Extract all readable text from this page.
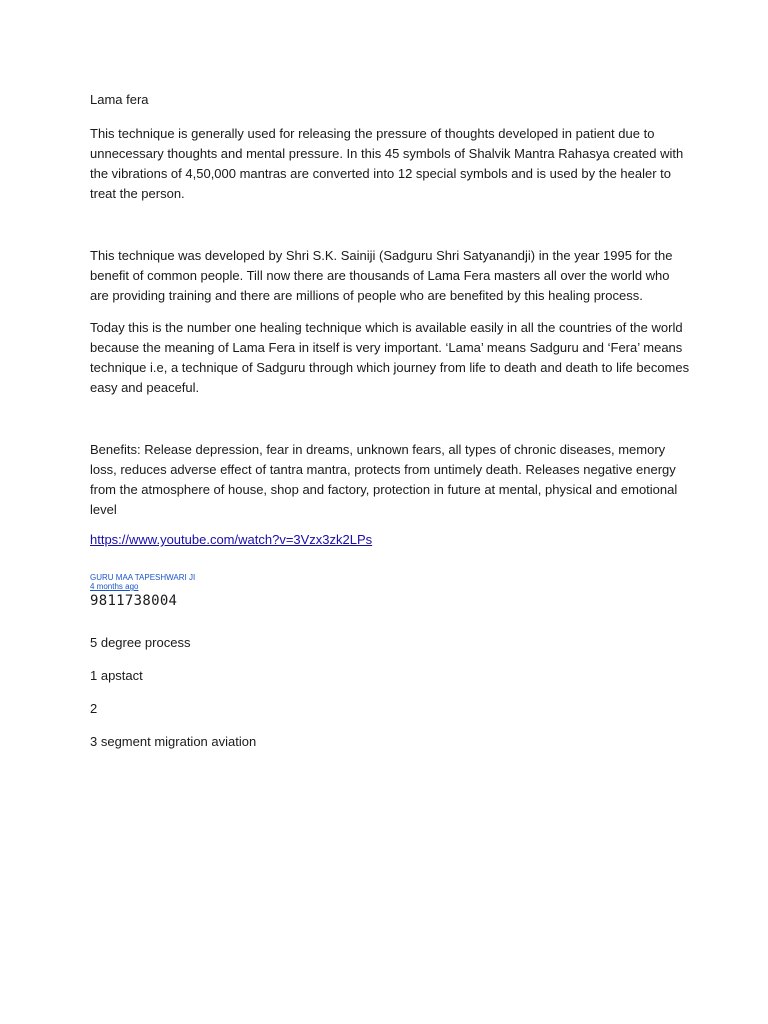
Lama fera

This technique is generally used for releasing the pressure of thoughts developed in patient due to unnecessary thoughts and mental pressure. In this 45 symbols of Shalvik Mantra Rahasya created with the vibrations of 4,50,000 mantras are converted into 12 special symbols and is used by the healer to treat the person.

This technique was developed by Shri S.K. Sainiji (Sadguru Shri Satyanandji) in the year 1995 for the benefit of common people. Till now there are thousands of Lama Fera masters all over the world who are providing training and there are millions of people who are benefited by this healing process.

Today this is the number one healing technique which is available easily in all the countries of the world because the meaning of Lama Fera in itself is very important. ‘Lama’ means Sadguru and ‘Fera’ means technique i.e, a technique of Sadguru through which journey from life to death and death to life becomes easy and peaceful.

Benefits: Release depression, fear in dreams, unknown fears, all types of chronic diseases, memory loss, reduces adverse effect of tantra mantra, protects from untimely death. Releases negative energy from the atmosphere of house, shop and factory, protection in future at mental, physical and emotional level

https://www.youtube.com/watch?v=3Vzx3zk2LPs
GURU MAA TAPESHWARI JI
4 months ago
9811738004
5 degree process
1 apstact
2
3 segment migration aviation
